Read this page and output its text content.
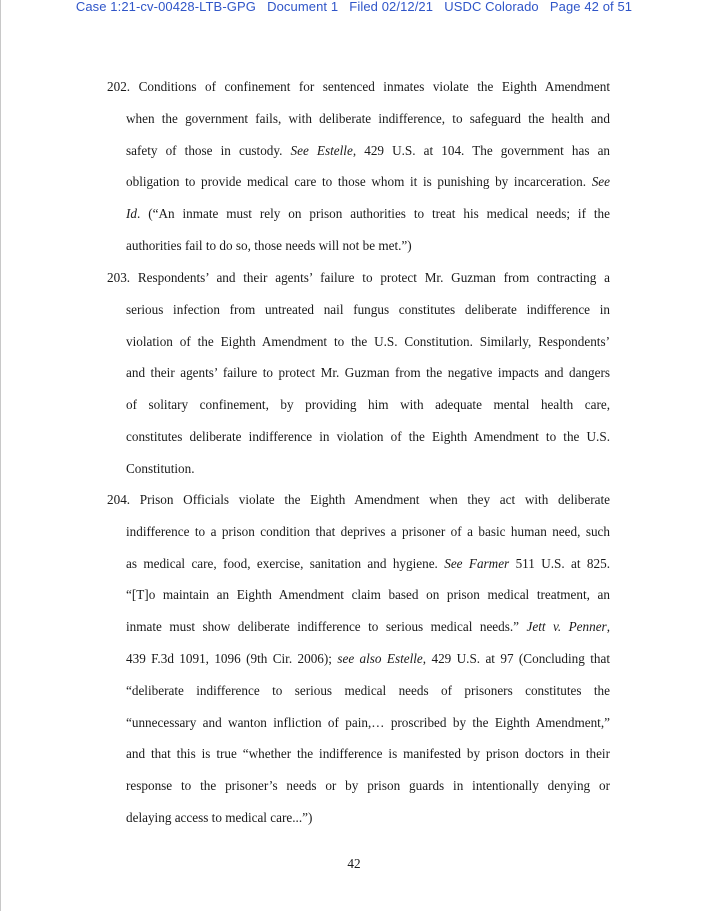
Case 1:21-cv-00428-LTB-GPG   Document 1   Filed 02/12/21   USDC Colorado   Page 42 of 51
202. Conditions of confinement for sentenced inmates violate the Eighth Amendment
when the government fails, with deliberate indifference, to safeguard the health and
safety of those in custody. See Estelle, 429 U.S. at 104. The government has an
obligation to provide medical care to those whom it is punishing by incarceration. See
Id. (“An inmate must rely on prison authorities to treat his medical needs; if the
authorities fail to do so, those needs will not be met.”)
203. Respondents’ and their agents’ failure to protect Mr. Guzman from contracting a
serious infection from untreated nail fungus constitutes deliberate indifference in
violation of the Eighth Amendment to the U.S. Constitution. Similarly, Respondents’
and their agents’ failure to protect Mr. Guzman from the negative impacts and dangers
of solitary confinement, by providing him with adequate mental health care,
constitutes deliberate indifference in violation of the Eighth Amendment to the U.S.
Constitution.
204. Prison Officials violate the Eighth Amendment when they act with deliberate
indifference to a prison condition that deprives a prisoner of a basic human need, such
as medical care, food, exercise, sanitation and hygiene. See Farmer 511 U.S. at 825.
“[T]o maintain an Eighth Amendment claim based on prison medical treatment, an
inmate must show deliberate indifference to serious medical needs.” Jett v. Penner,
439 F.3d 1091, 1096 (9th Cir. 2006); see also Estelle, 429 U.S. at 97 (Concluding that
“deliberate indifference to serious medical needs of prisoners constitutes the
“unnecessary and wanton infliction of pain,… proscribed by the Eighth Amendment,”
and that this is true “whether the indifference is manifested by prison doctors in their
response to the prisoner’s needs or by prison guards in intentionally denying or
delaying access to medical care...”)
42
